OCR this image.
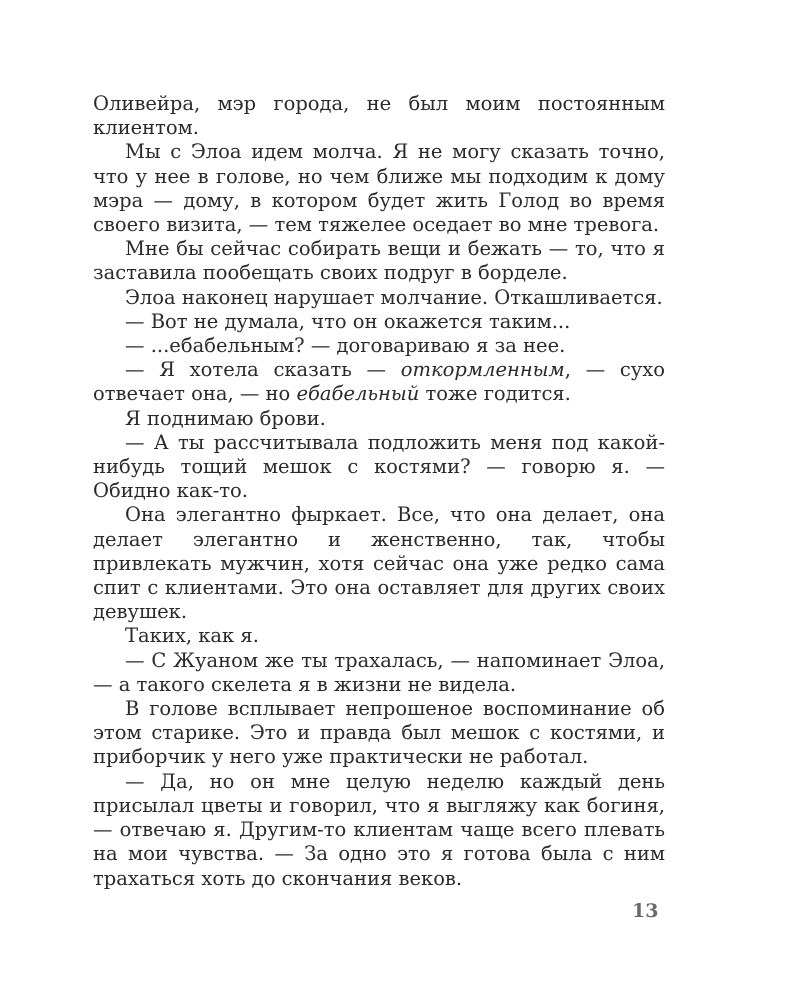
Оливейра, мэр города, не был моим постоянным клиентом.

Мы с Элоа идем молча. Я не могу сказать точно, что у нее в голове, но чем ближе мы подходим к дому мэра — дому, в котором будет жить Голод во время своего визита, — тем тяжелее оседает во мне тревога.

Мне бы сейчас собирать вещи и бежать — то, что я заставила пообещать своих подруг в борделе.

Элоа наконец нарушает молчание. Откашливается.

— Вот не думала, что он окажется таким...

— ...ебабельным? — договариваю я за нее.

— Я хотела сказать — откормленным, — сухо отвечает она, — но ебабельный тоже годится.

Я поднимаю брови.

— А ты рассчитывала подложить меня под какой-нибудь тощий мешок с костями? — говорю я. — Обидно как-то.

Она элегантно фыркает. Все, что она делает, она делает элегантно и женственно, так, чтобы привлекать мужчин, хотя сейчас она уже редко сама спит с клиентами. Это она оставляет для других своих девушек.

Таких, как я.

— С Жуаном же ты трахалась, — напоминает Элоа, — а такого скелета я в жизни не видела.

В голове всплывает непрошеное воспоминание об этом старике. Это и правда был мешок с костями, и приборчик у него уже практически не работал.

— Да, но он мне целую неделю каждый день присылал цветы и говорил, что я выгляжу как богиня, — отвечаю я. Другим-то клиентам чаще всего плевать на мои чувства. — За одно это я готова была с ним трахаться хоть до скончания веков.

13
